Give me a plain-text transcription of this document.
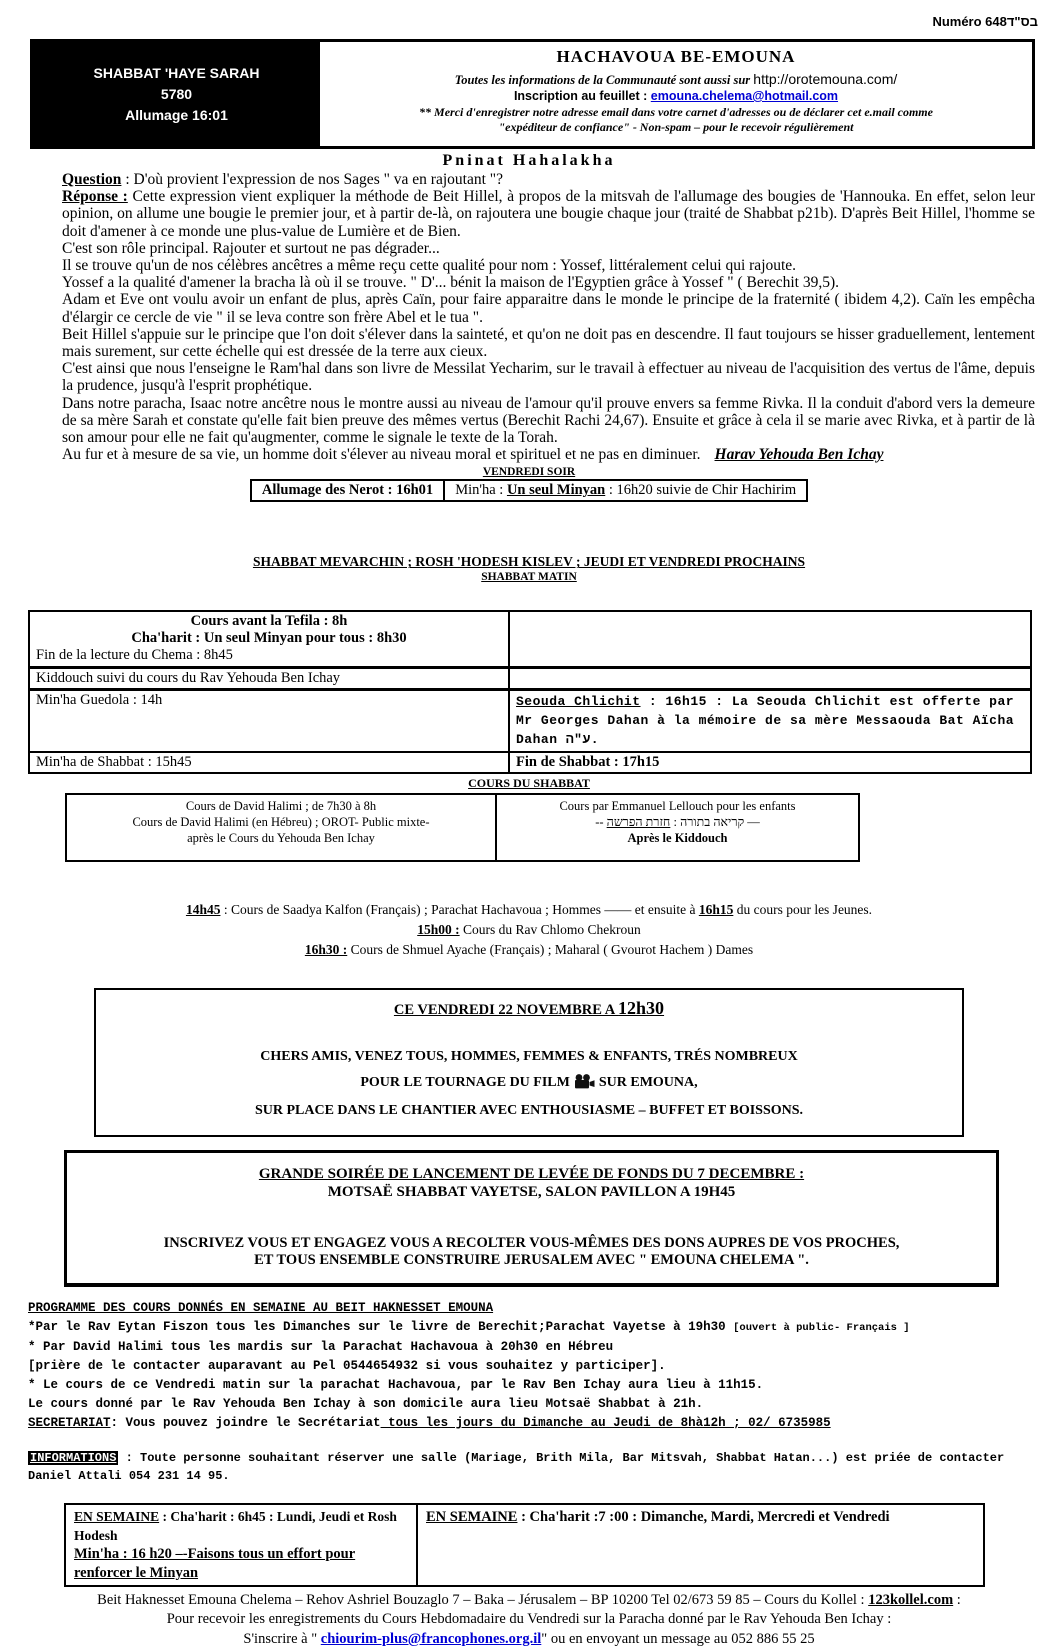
Numéro 648בס"ד
SHABBAT 'HAYE SARAH
5780
Allumage 16:01
HACHAVOUA BE-EMOUNA
Toutes les informations de la Communauté sont aussi sur http://orotemouna.com/
Inscription au feuillet : emouna.chelema@hotmail.com
** Merci d'enregistrer notre adresse email dans votre carnet d'adresses ou de déclarer cet e.mail comme
"expéditeur de confiance" - Non-spam – pour le recevoir régulièrement
Pninat Hahalakha
Question : D'où provient l'expression de nos Sages " va en rajoutant "?
Réponse : Cette expression vient expliquer la méthode de Beit Hillel, à propos de la mitsvah de l'allumage des bougies de 'Hannouka. En effet, selon leur opinion, on allume une bougie le premier jour, et à partir de-là, on rajoutera une bougie chaque jour (traité de Shabbat p21b). D'après Beit Hillel, l'homme se doit d'amener à ce monde une plus-value de Lumière et de Bien.
C'est son rôle principal. Rajouter et surtout ne pas dégrader...
Il se trouve qu'un de nos célèbres ancêtres a même reçu cette qualité pour nom : Yossef, littéralement celui qui rajoute.
Yossef a la qualité d'amener la bracha là où il se trouve. " D'... bénit la maison de l'Egyptien grâce à Yossef " ( Berechit 39,5).
Adam et Eve ont voulu avoir un enfant de plus, après Caïn, pour faire apparaitre dans le monde le principe de la fraternité ( ibidem 4,2). Caïn les empêcha d'élargir ce cercle de vie " il se leva contre son frère Abel et le tua ".
Beit Hillel s'appuie sur le principe que l'on doit s'élever dans la sainteté, et qu'on ne doit pas en descendre. Il faut toujours se hisser graduellement, lentement mais surement, sur cette échelle qui est dressée de la terre aux cieux.
C'est ainsi que nous l'enseigne le Ram'hal dans son livre de Messilat Yecharim, sur le travail à effectuer au niveau de l'acquisition des vertus de l'âme, depuis la prudence, jusqu'à l'esprit prophétique.
Dans notre paracha, Isaac notre ancêtre nous le montre aussi au niveau de l'amour qu'il prouve envers sa femme Rivka. Il la conduit d'abord vers la demeure de sa mère Sarah et constate qu'elle fait bien preuve des mêmes vertus (Berechit Rachi 24,67). Ensuite et grâce à cela il se marie avec Rivka, et à partir de là son amour pour elle ne fait qu'augmenter, comme le signale le texte de la Torah.
Au fur et à mesure de sa vie, un homme doit s'élever au niveau moral et spirituel et ne pas en diminuer. Harav Yehouda Ben Ichay
VENDREDI SOIR
Allumage des Nerot : 16h01	Min'ha : Un seul Minyan : 16h20 suivie de Chir Hachirim
SHABBAT MEVARCHIN ; ROSH 'HODESH KISLEV ; JEUDI ET VENDREDI PROCHAINS
SHABBAT MATIN
Cours avant la Tefila : 8h
Cha'harit : Un seul Minyan pour tous : 8h30
Fin de la lecture du Chema : 8h45	

Kiddouch suivi du cours du Rav Yehouda Ben Ichay	
Min'ha Guedola : 14h	Seouda Chlichit : 16h15 : La Seouda Chlichit est offerte par Mr Georges Dahan à la mémoire de sa mère Messaouda Bat Aïcha Dahan ע"ה.
Min'ha de Shabbat : 15h45	Fin de Shabbat : 17h15
COURS DU SHABBAT
Cours de David Halimi ; de 7h30 à 8h
Cours de David Halimi (en Hébreu) ; OROT- Public mixte-
après le Cours du Yehouda Ben Ichay

Cours par Emmanuel Lellouch pour les enfants
— קריאה בתורה : חזרת הפרשה --
Après le Kiddouch
14h45 : Cours de Saadya Kalfon (Français) ; Parachat Hachavoua ; Hommes —— et ensuite à 16h15 du cours pour les Jeunes.
15h00 : Cours du Rav Chlomo Chekroun
16h30 : Cours de Shmuel Ayache (Français) ; Maharal ( Gvourot Hachem ) Dames
CE VENDREDI 22 NOVEMBRE A 12h30
CHERS AMIS, VENEZ TOUS, HOMMES, FEMMES & ENFANTS, TRÉS NOMBREUX
POUR LE TOURNAGE DU FILM  SUR EMOUNA,
SUR PLACE DANS LE CHANTIER AVEC ENTHOUSIASME – BUFFET ET BOISSONS.
GRANDE SOIRÉE DE LANCEMENT DE LEVÉE DE FONDS DU 7 DECEMBRE :
MOTSAË SHABBAT VAYETSE, SALON PAVILLON A 19H45
INSCRIVEZ VOUS ET ENGAGEZ VOUS A RECOLTER VOUS-MÊMES DES DONS AUPRES DE VOS PROCHES,
ET TOUS ENSEMBLE CONSTRUIRE JERUSALEM AVEC " EMOUNA CHELEMA ".
PROGRAMME DES COURS DONNÉS EN SEMAINE AU BEIT HAKNESSET EMOUNA
*Par le Rav Eytan Fiszon tous les Dimanches sur le livre de Berechit;Parachat Vayetse à 19h30 [ouvert à public- Français ]
* Par David Halimi tous les mardis sur la Parachat Hachavoua à 20h30 en Hébreu
[prière de le contacter auparavant au Pel 0544654932 si vous souhaitez y participer].
* Le cours de ce Vendredi matin sur la parachat Hachavoua, par le Rav Ben Ichay aura lieu à 11h15.
Le cours donné par le Rav Yehouda Ben Ichay à son domicile aura lieu Motsaë Shabbat à 21h.
SECRETARIAT: Vous pouvez joindre le Secrétariat tous les jours du Dimanche au Jeudi de 8hà12h ; 02/ 6735985
INFORMATIONS : Toute personne souhaitant réserver une salle (Mariage, Brith Mila, Bar Mitsvah, Shabbat Hatan...) est priée de contacter Daniel Attali 054 231 14 95.
EN SEMAINE : Cha'harit : 6h45 : Lundi, Jeudi et Rosh Hodesh
Min'ha : 16 h20 –-Faisons tous un effort pour renforcer le Minyan
	EN SEMAINE : Cha'harit :7 :00 : Dimanche, Mardi, Mercredi et Vendredi
Beit Haknesset Emouna Chelema – Rehov Ashriel Bouzaglo 7 – Baka – Jérusalem – BP 10200 Tel 02/673 59 85 – Cours du Kollel : 123kollel.com :
Pour recevoir les enregistrements du Cours Hebdomadaire du Vendredi sur la Paracha donné par le Rav Yehouda Ben Ichay :
S'inscrire à " chiourim-plus@francophones.org.il" ou en envoyant un message au 052 886 55 25
